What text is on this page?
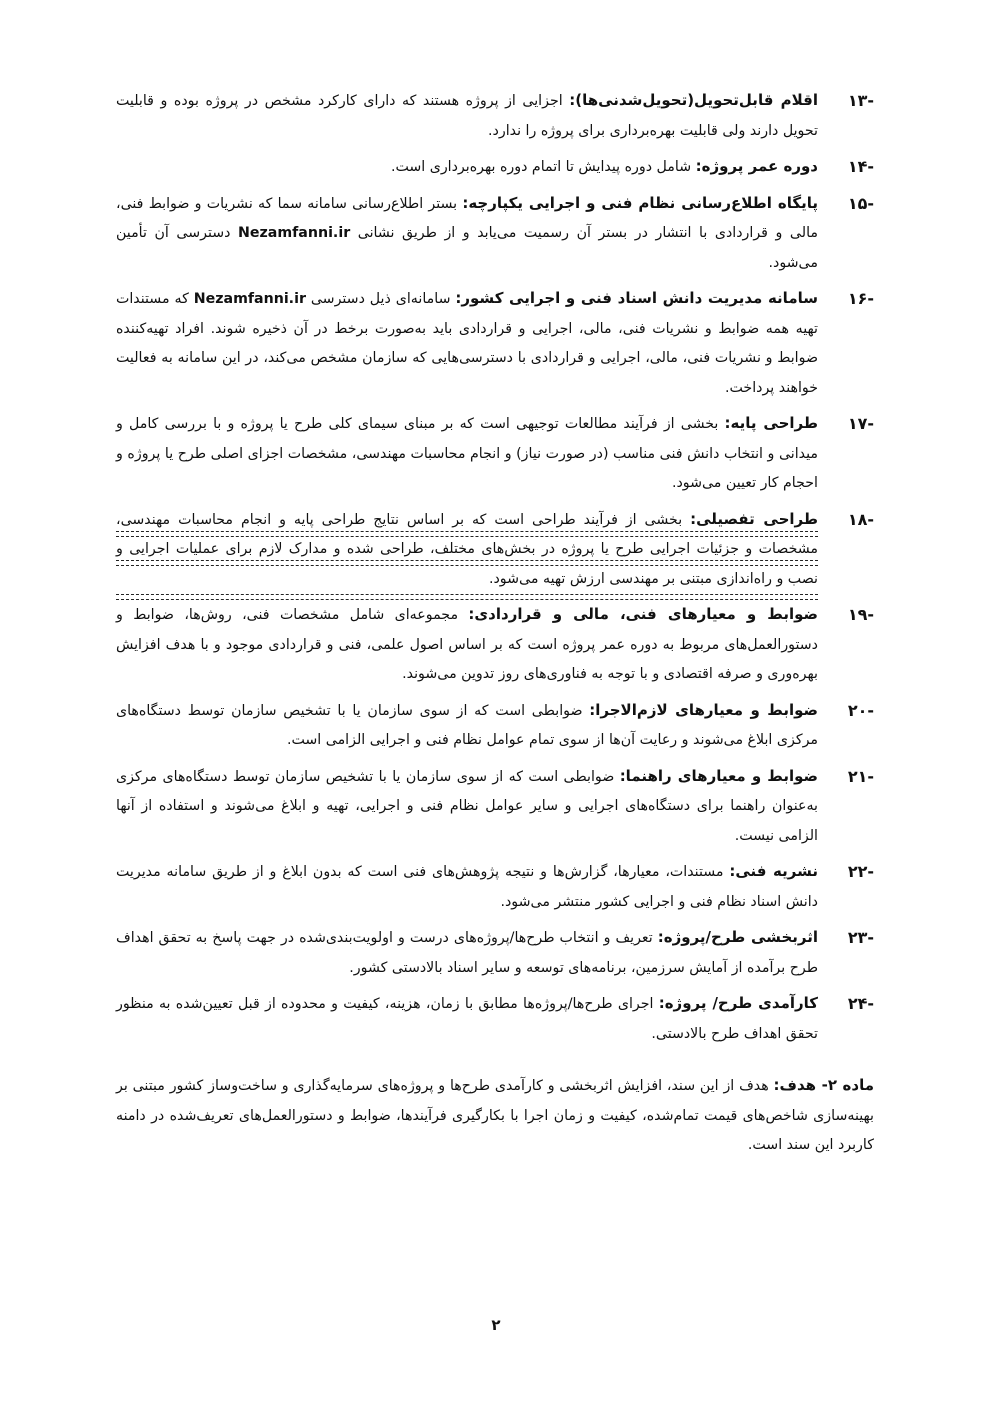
-۱۳
اقلام قابل‌تحویل(تحویل‌شدنی‌ها): اجزایی از پروژه هستند که دارای کارکرد مشخص در پروژه بوده و قابلیت تحویل دارند ولی قابلیت بهره‌برداری برای پروژه را ندارد.
-۱۴
دوره عمر پروژه: شامل دوره پیدایش تا اتمام دوره بهره‌برداری است.
-۱۵
پایگاه اطلاع‌رسانی نظام فنی و اجرایی یکپارچه: بستر اطلاع‌رسانی سامانه سما که نشریات و ضوابط فنی، مالی و قراردادی با انتشار در بستر آن رسمیت می‌یابد و از طریق نشانی Nezamfanni.ir دسترسی آن تأمین می‌شود.
-۱۶
سامانه مدیریت دانش اسناد فنی و اجرایی کشور: سامانه‌ای ذیل دسترسی Nezamfanni.ir که مستندات تهیه همه ضوابط و نشریات فنی، مالی، اجرایی و قراردادی باید به‌صورت برخط در آن ذخیره شوند. افراد تهیه‌کننده ضوابط و نشریات فنی، مالی، اجرایی و قراردادی با دسترسی‌هایی که سازمان مشخص می‌کند، در این سامانه به فعالیت خواهند پرداخت.
-۱۷
طراحی پایه: بخشی از فرآیند مطالعات توجیهی است که بر مبنای سیمای کلی طرح یا پروژه و با بررسی کامل و میدانی و انتخاب دانش فنی مناسب (در صورت نیاز) و انجام محاسبات مهندسی، مشخصات اجزای اصلی طرح یا پروژه و احجام کار تعیین می‌شود.
-۱۸
طراحی تفصیلی: بخشی از فرآیند طراحی است که بر اساس نتایج طراحی پایه و انجام محاسبات مهندسی، مشخصات و جزئیات اجرایی طرح یا پروژه در بخش‌های مختلف، طراحی شده و مدارک لازم برای عملیات اجرایی و نصب و راه‌اندازی مبتنی بر مهندسی ارزش تهیه می‌شود.
-۱۹
ضوابط و معیارهای فنی، مالی و قراردادی: مجموعه‌ای شامل مشخصات فنی، روش‌ها، ضوابط و دستورالعمل‌های مربوط به دوره عمر پروژه است که بر اساس اصول علمی، فنی و قراردادی موجود و با هدف افزایش بهره‌وری و صرفه اقتصادی و با توجه به فناوری‌های روز تدوین می‌شوند.
-۲۰
ضوابط و معیارهای لازم‌الاجرا: ضوابطی است که از سوی سازمان یا با تشخیص سازمان توسط دستگاه‌های مرکزی ابلاغ می‌شوند و رعایت آن‌ها از سوی تمام عوامل نظام فنی و اجرایی الزامی است.
-۲۱
ضوابط و معیارهای راهنما: ضوابطی است که از سوی سازمان یا با تشخیص سازمان توسط دستگاه‌های مرکزی به‌عنوان راهنما برای دستگاه‌های اجرایی و سایر عوامل نظام فنی و اجرایی، تهیه و ابلاغ می‌شوند و استفاده از آنها الزامی نیست.
-۲۲
نشریه فنی: مستندات، معیارها، گزارش‌ها و نتیجه پژوهش‌های فنی است که بدون ابلاغ و از طریق سامانه مدیریت دانش اسناد نظام فنی و اجرایی کشور منتشر می‌شود.
-۲۳
اثربخشی طرح/پروژه: تعریف و انتخاب طرح‌ها/پروژه‌های درست و اولویت‌بندی‌شده در جهت پاسخ به تحقق اهداف طرح برآمده از آمایش سرزمین، برنامه‌های توسعه و سایر اسناد بالادستی کشور.
-۲۴
کارآمدی طرح/ پروژه: اجرای طرح‌ها/پروژه‌ها مطابق با زمان، هزینه، کیفیت و محدوده از قبل تعیین‌شده به منظور تحقق اهداف طرح بالادستی.
ماده ۲- هدف: هدف از این سند، افزایش اثربخشی و کارآمدی طرح‌ها و پروژه‌های سرمایه‌گذاری و ساخت‌وساز کشور مبتنی بر بهینه‌سازی شاخص‌های قیمت تمام‌شده، کیفیت و زمان اجرا با بکارگیری فرآیندها، ضوابط و دستورالعمل‌های تعریف‌شده در دامنه کاربرد این سند است.
۲
